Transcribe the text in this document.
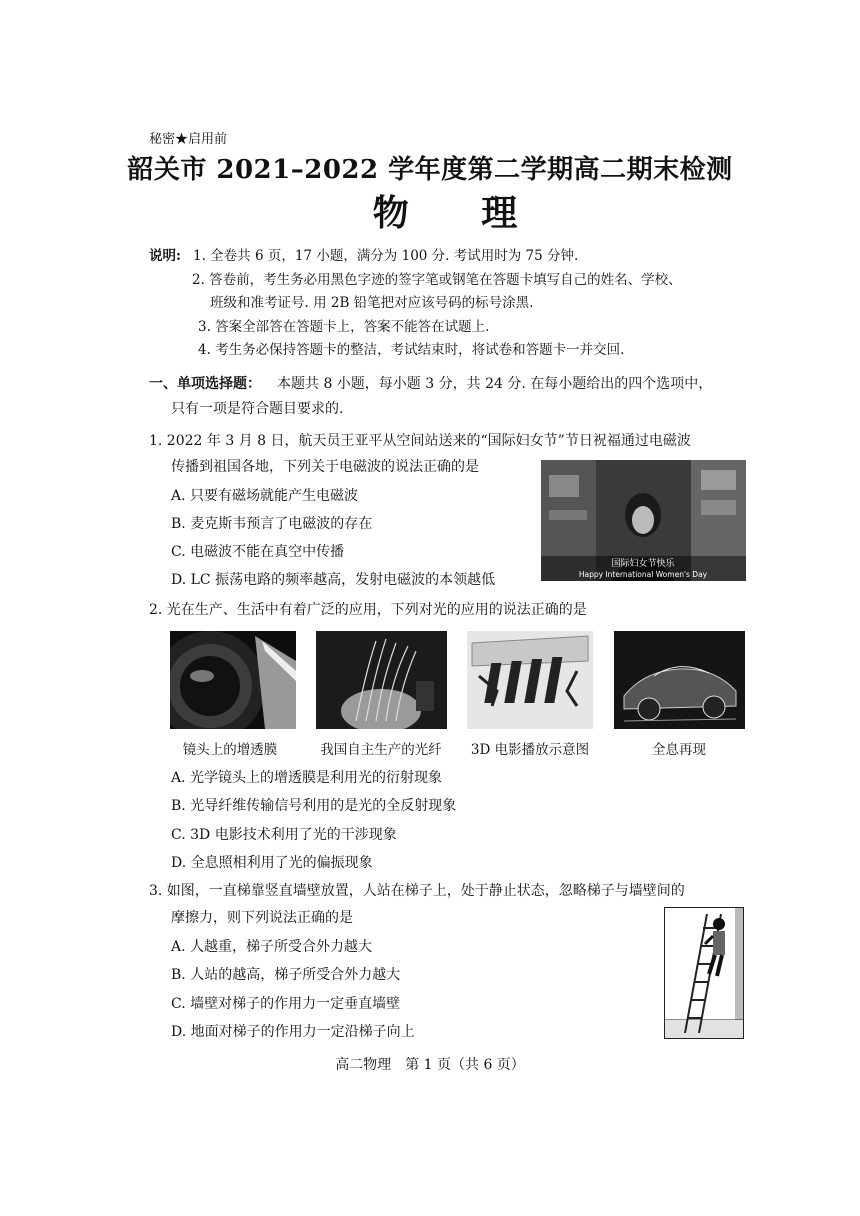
秘密★启用前
韶关市 2021–2022 学年度第二学期高二期末检测
物 理
说明: 1. 全卷共 6 页，17 小题，满分为 100 分. 考试用时为 75 分钟.
2. 答卷前，考生务必用黑色字迹的签字笔或钢笔在答题卡填写自己的姓名、学校、
班级和准考证号. 用 2B 铅笔把对应该号码的标号涂黑.
3. 答案全部答在答题卡上，答案不能答在试题上.
4. 考生务必保持答题卡的整洁，考试结束时，将试卷和答题卡一并交回.
一、单项选择题： 本题共 8 小题，每小题 3 分，共 24 分. 在每小题给出的四个选项中，
只有一项是符合题目要求的.
1. 2022 年 3 月 8 日，航天员王亚平从空间站送来的“国际妇女节”节日祝福通过电磁波
传播到祖国各地，下列关于电磁波的说法正确的是
A. 只要有磁场就能产生电磁波
B. 麦克斯韦预言了电磁波的存在
C. 电磁波不能在真空中传播
D. LC 振荡电路的频率越高，发射电磁波的本领越低
国际妇女节快乐
Happy International Women's Day
2. 光在生产、生活中有着广泛的应用，下列对光的应用的说法正确的是
镜头上的增透膜	我国自主生产的光纤	3D 电影播放示意图	全息再现
A. 光学镜头上的增透膜是利用光的衍射现象
B. 光导纤维传输信号利用的是光的全反射现象
C. 3D 电影技术利用了光的干涉现象
D. 全息照相利用了光的偏振现象
3. 如图，一直梯靠竖直墙壁放置，人站在梯子上，处于静止状态，忽略梯子与墙壁间的
摩擦力，则下列说法正确的是
A. 人越重，梯子所受合外力越大
B. 人站的越高，梯子所受合外力越大
C. 墙壁对梯子的作用力一定垂直墙壁
D. 地面对梯子的作用力一定沿梯子向上
高二物理　第 1 页（共 6 页）
